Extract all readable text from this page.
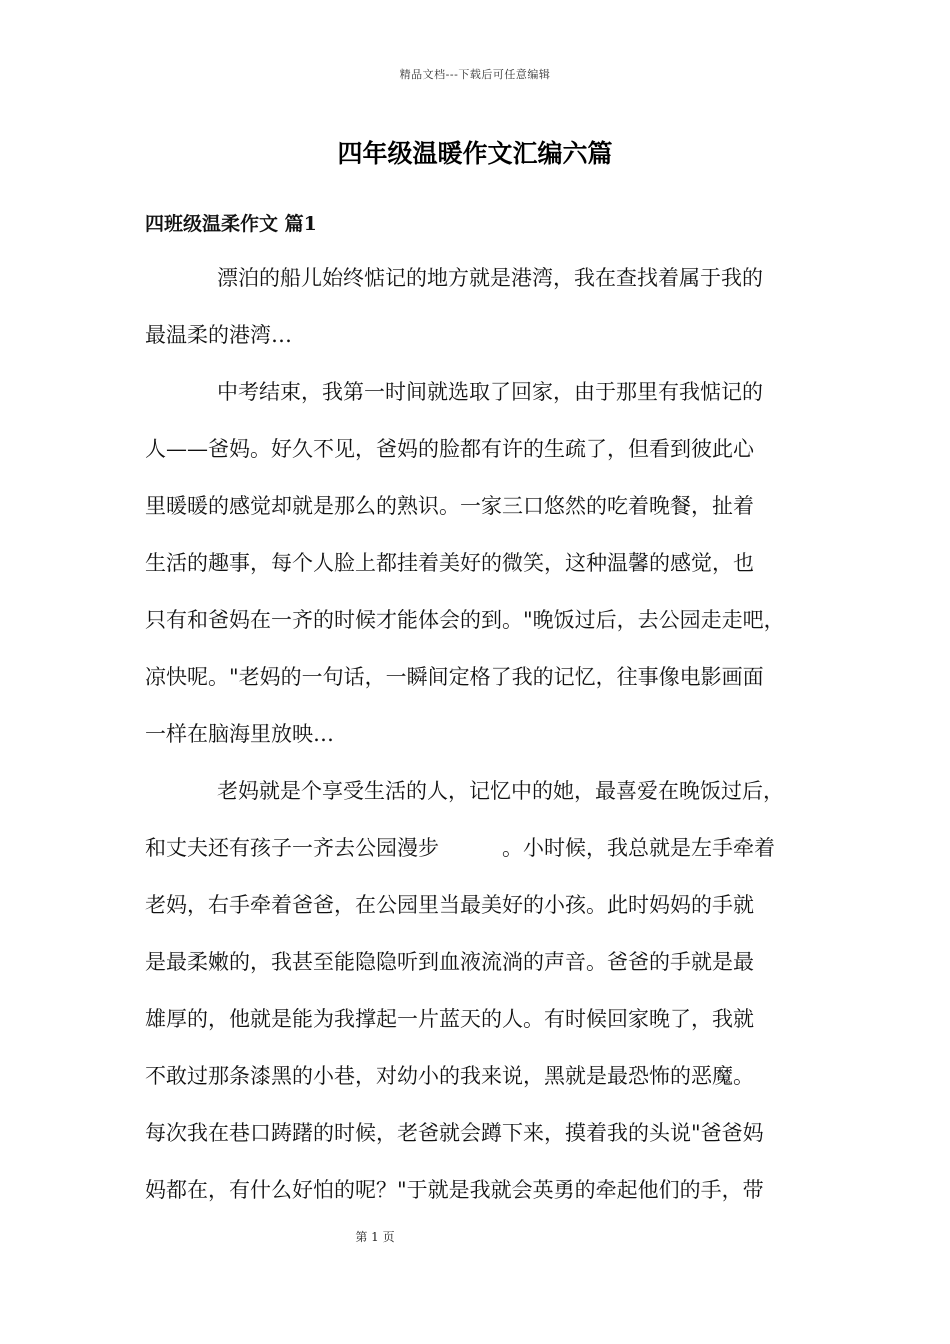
精品文档---下载后可任意编辑
四年级温暖作文汇编六篇
四班级温柔作文 篇1
漂泊的船儿始终惦记的地方就是港湾，我在查找着属于我的
最温柔的港湾…
中考结束，我第一时间就选取了回家，由于那里有我惦记的
人——爸妈。好久不见，爸妈的脸都有许的生疏了，但看到彼此心
里暖暖的感觉却就是那么的熟识。一家三口悠然的吃着晚餐，扯着
生活的趣事，每个人脸上都挂着美好的微笑，这种温馨的感觉，也
只有和爸妈在一齐的时候才能体会的到。"晚饭过后，去公园走走吧，
凉快呢。"老妈的一句话，一瞬间定格了我的记忆，往事像电影画面
一样在脑海里放映…
老妈就是个享受生活的人，记忆中的她，最喜爱在晚饭过后，
和丈夫还有孩子一齐去公园漫步　　　。小时候，我总就是左手牵着
老妈，右手牵着爸爸，在公园里当最美好的小孩。此时妈妈的手就
是最柔嫩的，我甚至能隐隐听到血液流淌的声音。爸爸的手就是最
雄厚的，他就是能为我撑起一片蓝天的人。有时候回家晚了，我就
不敢过那条漆黑的小巷，对幼小的我来说，黑就是最恐怖的恶魔。
每次我在巷口踌躇的时候，老爸就会蹲下来，摸着我的头说"爸爸妈
妈都在，有什么好怕的呢？"于就是我就会英勇的牵起他们的手，带
第 1 页
